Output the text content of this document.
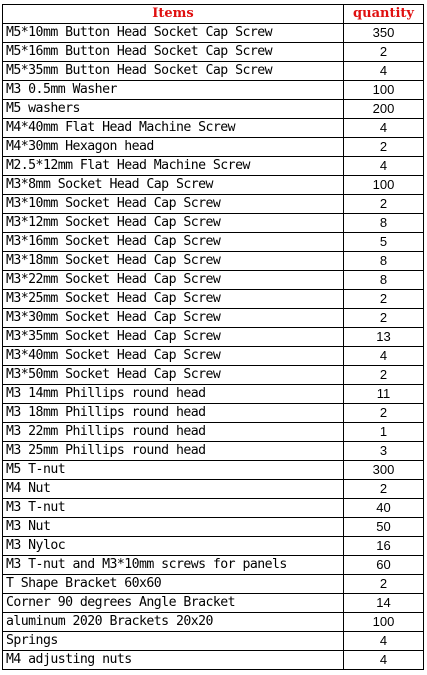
Items	quantity
M5*10mm Button Head Socket Cap Screw	350
M5*16mm Button Head Socket Cap Screw	2
M5*35mm Button Head Socket Cap Screw	4
M3 0.5mm Washer	100
M5 washers	200
M4*40mm Flat Head Machine Screw	4
M4*30mm Hexagon head	2
M2.5*12mm Flat Head Machine Screw	4
M3*8mm Socket Head Cap Screw	100
M3*10mm Socket Head Cap Screw	2
M3*12mm Socket Head Cap Screw	8
M3*16mm Socket Head Cap Screw	5
M3*18mm Socket Head Cap Screw	8
M3*22mm Socket Head Cap Screw	8
M3*25mm Socket Head Cap Screw	2
M3*30mm Socket Head Cap Screw	2
M3*35mm Socket Head Cap Screw	13
M3*40mm Socket Head Cap Screw	4
M3*50mm Socket Head Cap Screw	2
M3 14mm Phillips round head	11
M3 18mm Phillips round head	2
M3 22mm Phillips round head	1
M3 25mm Phillips round head	3
M5 T-nut	300
M4 Nut	2
M3 T-nut	40
M3 Nut	50
M3 Nyloc	16
M3 T-nut and M3*10mm screws for panels	60
T Shape Bracket 60x60	2
Corner 90 degrees Angle Bracket	14
aluminum 2020 Brackets 20x20	100
Springs	4
M4 adjusting nuts	4
